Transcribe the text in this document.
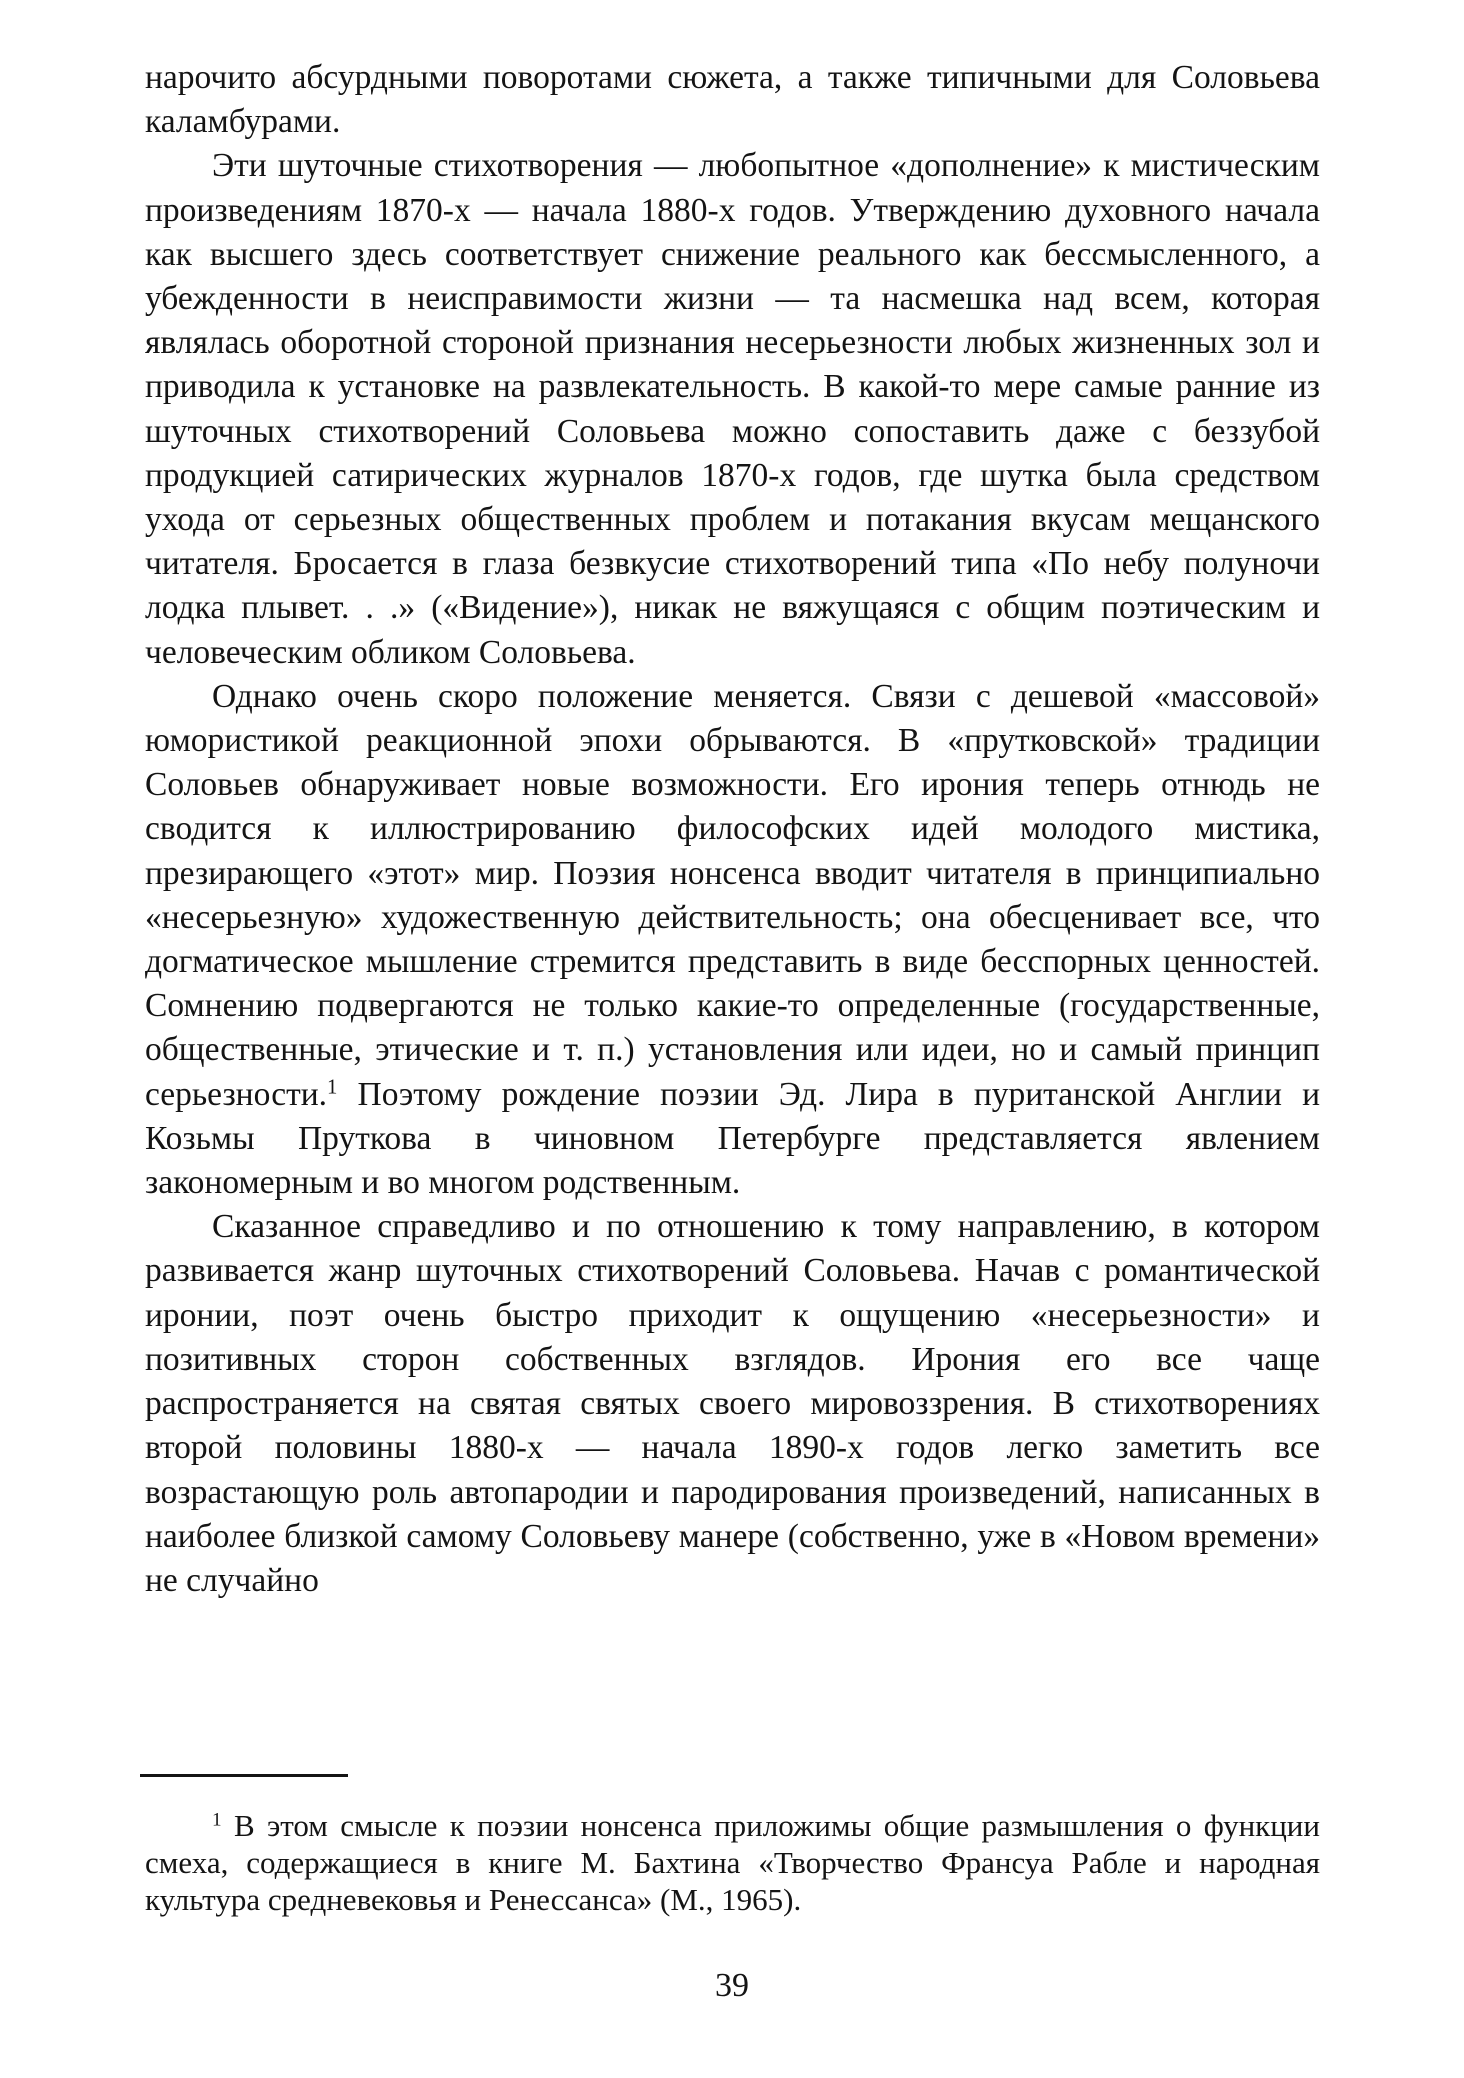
нарочито абсурдными поворотами сюжета, а также типичными для Соловьева каламбурами.

Эти шуточные стихотворения — любопытное «дополнение» к мистическим произведениям 1870-х — начала 1880-х годов. Утверждению духовного начала как высшего здесь соответствует снижение реального как бессмысленного, а убежденности в неисправимости жизни — та насмешка над всем, которая являлась оборотной стороной признания несерьезности любых жизненных зол и приводила к установке на развлекательность. В какой-то мере самые ранние из шуточных стихотворений Соловьева можно сопоставить даже с беззубой продукцией сатирических журналов 1870-х годов, где шутка была средством ухода от серьезных общественных проблем и потакания вкусам мещанского читателя. Бросается в глаза безвкусие стихотворений типа «По небу полуночи лодка плывет. . .» («Видение»), никак не вяжущаяся с общим поэтическим и человеческим обликом Соловьева.

Однако очень скоро положение меняется. Связи с дешевой «массовой» юмористикой реакционной эпохи обрываются. В «прутковской» традиции Соловьев обнаруживает новые возможности. Его ирония теперь отнюдь не сводится к иллюстрированию философских идей молодого мистика, презирающего «этот» мир. Поэзия нонсенса вводит читателя в принципиально «несерьезную» художественную действительность; она обесценивает все, что догматическое мышление стремится представить в виде бесспорных ценностей. Сомнению подвергаются не только какие-то определенные (государственные, общественные, этические и т. п.) установления или идеи, но и самый принцип серьезности.$^1$ Поэтому рождение поэзии Эд. Лира в пуританской Англии и Козьмы Пруткова в чиновном Петербурге представляется явлением закономерным и во многом родственным.

Сказанное справедливо и по отношению к тому направлению, в котором развивается жанр шуточных стихотворений Соловьева. Начав с романтической иронии, поэт очень быстро приходит к ощущению «несерьезности» и позитивных сторон собственных взглядов. Ирония его все чаще распространяется на святая святых своего мировоззрения. В стихотворениях второй половины 1880-х — начала 1890-х годов легко заметить все возрастающую роль автопародии и пародирования произведений, написанных в наиболее близкой самому Соловьеву манере (собственно, уже в «Новом времени» не случайно

$^1$ В этом смысле к поэзии нонсенса приложимы общие размышления о функции смеха, содержащиеся в книге М. Бахтина «Творчество Франсуа Рабле и народная культура средневековья и Ренессанса» (М., 1965).

39
